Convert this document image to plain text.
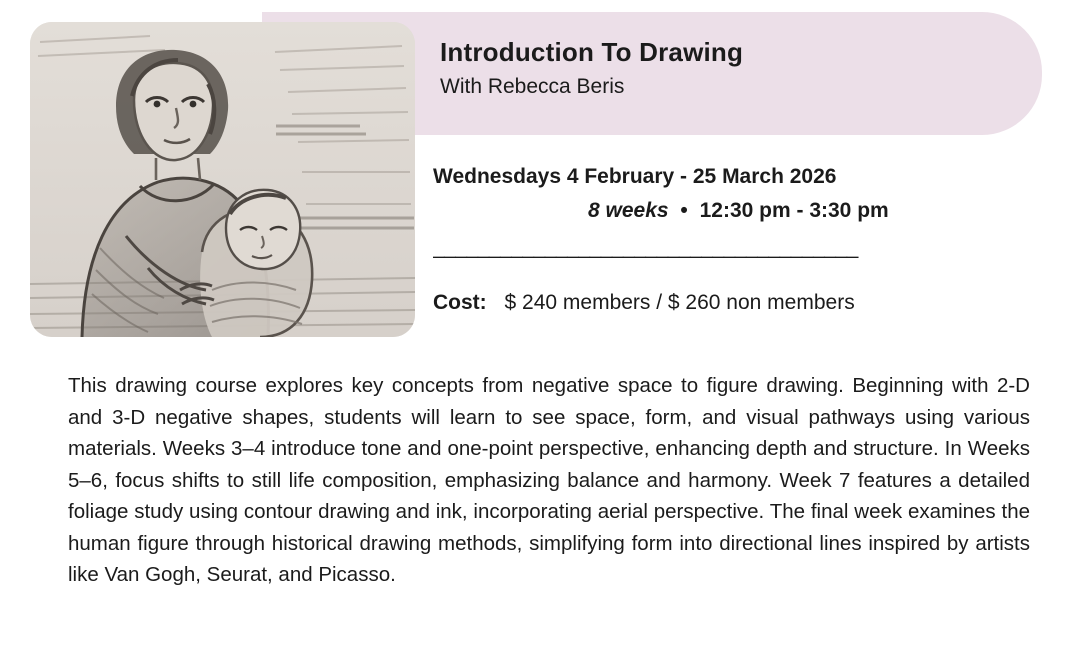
Introduction To Drawing
With Rebecca Beris
Wednesdays 4 February - 25 March 2026
8 weeks • 12:30 pm - 3:30 pm
______________________________________
Cost: $ 240 members / $ 260 non members
This drawing course explores key concepts from negative space to figure drawing. Beginning with 2-D and 3-D negative shapes, students will learn to see space, form, and visual pathways using various materials. Weeks 3–4 introduce tone and one-point perspective, enhancing depth and structure. In Weeks 5–6, focus shifts to still life composition, emphasizing balance and harmony. Week 7 features a detailed foliage study using contour drawing and ink, incorporating aerial perspective. The final week examines the human figure through historical drawing methods, simplifying form into directional lines inspired by artists like Van Gogh, Seurat, and Picasso.
